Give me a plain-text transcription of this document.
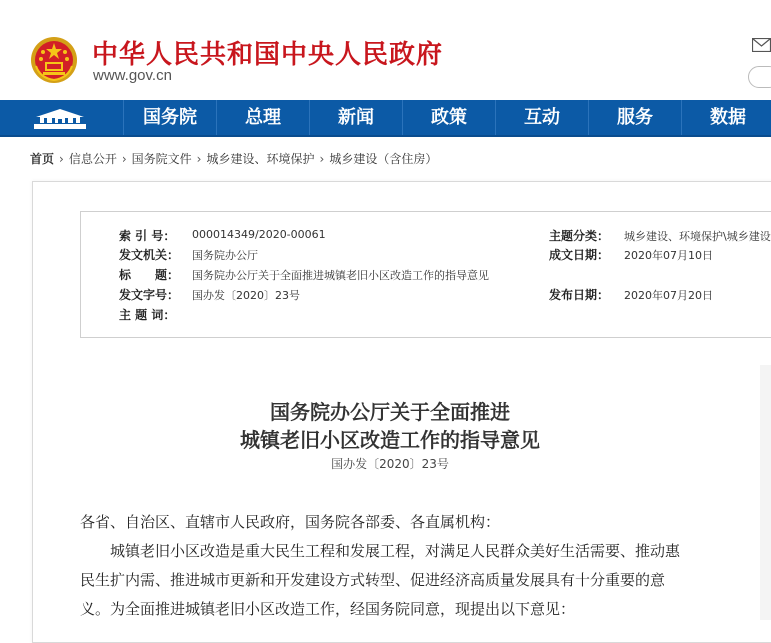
中华人民共和国中央人民政府
www.gov.cn
国务院	总理	新闻	政策	互动	服务	数据
首页 › 信息公开 › 国务院文件 › 城乡建设、环境保护 › 城乡建设（含住房）
索 引 号：	000014349/2020-00061
发文机关：	国务院办公厅
标　　题：	国务院办公厅关于全面推进城镇老旧小区改造工作的指导意见
发文字号：	国办发〔2020〕23号
主 题 词：
主题分类：	城乡建设、环境保护\城乡建设
成文日期：	2020年07月10日
发布日期：	2020年07月20日
国务院办公厅关于全面推进
城镇老旧小区改造工作的指导意见
国办发〔2020〕23号
各省、自治区、直辖市人民政府，国务院各部委、各直属机构：
　　城镇老旧小区改造是重大民生工程和发展工程，对满足人民群众美好生活需要、推动惠
民生扩内需、推进城市更新和开发建设方式转型、促进经济高质量发展具有十分重要的意
义。为全面推进城镇老旧小区改造工作，经国务院同意，现提出以下意见：
